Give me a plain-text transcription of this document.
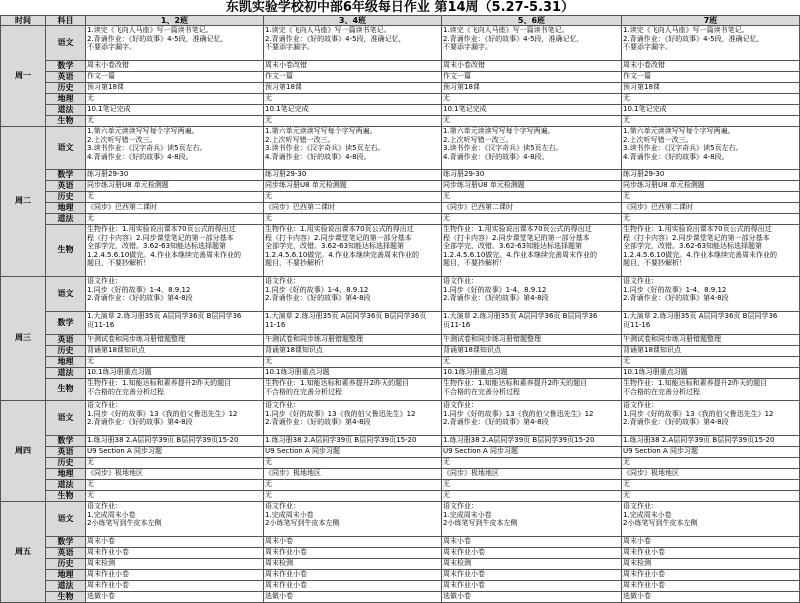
东凯实验学校初中部6年级每日作业 第14周（5.27-5.31）
时间	科目	1、2班	3、4班	5、6班	7班
周一	语文	1.读完《飞向人马座》写一篇读书笔记。
2.背诵作业：《好的故事》4-5段，准确记忆，
不要添字漏字。	1.读完《飞向人马座》写一篇读书笔记。
2.背诵作业：《好的故事》4-5段，准确记忆，
不要添字漏字。	1.读完《飞向人马座》写一篇读书笔记。
2.背诵作业：《好的故事》4-5段，准确记忆，
不要添字漏字。	1.读完《飞向人马座》写一篇读书笔记。
2.背诵作业：《好的故事》4-5段，准确记忆，
不要添字漏字。

	数学	周末小卷改错	周末小卷改错	周末小卷改错	周末小卷改错

	英语	作文一篇	作文一篇	作文一篇	作文一篇

	历史	预习第18课	预习第18课	预习第18课	预习第18课

	地理	无	无	无	无

	道法	10.1笔记完成	10.1笔记完成	10.1笔记完成	10.1笔记完成

	生物	无	无	无	无

周二	语文	1.第六单元读读写写每个字写两遍。
2.上次听写错一改三。
3.读书作业：《汉字奇兵》读5页左右。
4.背诵作业：《好的故事》4-8段。	1.第六单元读读写写每个字写两遍。
2.上次听写错一改三。
3.读书作业：《汉字奇兵》读5页左右。
4.背诵作业：《好的故事》4-8段。	1.第六单元读读写写每个字写两遍。
2.上次听写错一改三。
3.读书作业：《汉字奇兵》读5页左右。
4.背诵作业：《好的故事》4-8段。	1.第六单元读读写写每个字写两遍。
2.上次听写错一改三。
3.读书作业：《汉字奇兵》读5页左右。
4.背诵作业：《好的故事》4-8段。

	数学	练习册29-30	练习册29-30	练习册29-30	练习册29-30

	英语	同步练习册U8 单元检测题	同步练习册U8 单元检测题	同步练习册U8 单元检测题	同步练习册U8 单元检测题

	历史	无	无	无	无

	地理	《同步》巴西第二课时	《同步》巴西第二课时	《同步》巴西第二课时	《同步》巴西第二课时

	道法	无	无	无	无

	生物	生物作业：1.用实验说出课本70页公式的得出过
程（打卡内容）2.同步课堂笔记的第一部分基本
全部学完，改错。3.62-63知能达标选择题第
1.2.4.5.6.10做完。4.作业本继续完善周末作业的
题目，不要抄解析！	生物作业：1.用实验说出课本70页公式的得出过
程（打卡内容）2.同步课堂笔记的第一部分基本
全部学完，改错。3.62-63知能达标选择题第
1.2.4.5.6.10做完。4.作业本继续完善周末作业的
题目，不要抄解析！	生物作业：1.用实验说出课本70页公式的得出过
程（打卡内容）2.同步课堂笔记的第一部分基本
全部学完，改错。3.62-63知能达标选择题第
1.2.4.5.6.10做完。4.作业本继续完善周末作业的
题目，不要抄解析！	生物作业：1.用实验说出课本70页公式的得出过
程（打卡内容）2.同步课堂笔记的第一部分基本
全部学完，改错。3.62-63知能达标选择题第
1.2.4.5.6.10做完。4.作业本继续完善周末作业的
题目，不要抄解析！

周三	语文	语文作业：
1.同步《好的故事》1-4、8.9.12
2.背诵作业：《好的故事》第4-8段	语文作业：
1.同步《好的故事》1-4、8.9.12
2.背诵作业：《好的故事》第4-8段	语文作业：
1.同步《好的故事》1-4、8.9.12
2.背诵作业：《好的故事》第4-8段	语文作业：
1.同步《好的故事》1-4、8.9.12
2.背诵作业：《好的故事》第4-8段

	数学	1.大演草 2.练习册35页 A层同学36页 B层同学36
页11-16	1.大演草 2.练习册35页 A层同学36页 B层同学36页
11-16	1.大演草 2.练习册35页 A层同学36页 B层同学36
页11-16	1.大演草 2.练习册35页 A层同学36页 B层同学36
页11-16

	英语	午测试卷和同步练习册错题整理	午测试卷和同步练习册错题整理	午测试卷和同步练习册错题整理	午测试卷和同步练习册错题整理

	历史	背诵第18课知识点	背诵第18课知识点	背诵第18课知识点	背诵第18课知识点

	地理	无	无	无	无

	道法	10.1练习册重点习题	10.1练习册重点习题	10.1练习册重点习题	10.1练习册重点习题

	生物	生物作业：1.知能达标和素养提升2昨天的题目
不合格的在完善分析过程	生物作业：1.知能达标和素养提升2昨天的题目
不合格的在完善分析过程	生物作业：1.知能达标和素养提升2昨天的题目
不合格的在完善分析过程	生物作业：1.知能达标和素养提升2昨天的题目
不合格的在完善分析过程

周四	语文	语文作业：
1.同步《好的故事》13《我的伯父鲁迅先生》12
2.背诵作业：《好的故事》第4-8段	语文作业：
1.同步《好的故事》13《我的伯父鲁迅先生》12
2.背诵作业：《好的故事》第4-8段	语文作业：
1.同步《好的故事》13《我的伯父鲁迅先生》12
2.背诵作业：《好的故事》第4-8段	语文作业：
1.同步《好的故事》13《我的伯父鲁迅先生》12
2.背诵作业：《好的故事》第4-8段

	数学	1.练习册38 2.A层同学39页 B层同学39页15-20	1.练习册38 2.A层同学39页 B层同学39页15-20	1.练习册38 2.A层同学39页 B层同学39页15-20	1.练习册38 2.A层同学39页 B层同学39页15-20

	英语	U9 Section A 同步习题	U9 Section A 同步习题	U9 Section A 同步习题	U9 Section A 同步习题

	历史	无	无	无	无

	地理	《同步》极地地区	《同步》极地地区	《同步》极地地区	《同步》极地地区

	道法	无	无	无	无

	生物	无	无	无	无

周五	语文	语文作业：
1.完成周末小卷
2小练笔写到牛皮本左侧	语文作业：
1.完成周末小卷
2小练笔写到牛皮本左侧	语文作业：
1.完成周末小卷
2小练笔写到牛皮本左侧	语文作业：
1.完成周末小卷
2小练笔写到牛皮本左侧

	数学	周末小卷	周末小卷	周末小卷	周末小卷

	英语	周末作业小卷	周末作业小卷	周末作业小卷	周末作业小卷

	历史	周末检测	周末检测	周末检测	周末检测

	地理	周末作业小卷	周末作业小卷	周末作业小卷	周末作业小卷

	道法	周末作业小卷	周末作业小卷	周末作业小卷	周末作业小卷

	生物	选做小卷	选做小卷	选做小卷	选做小卷
